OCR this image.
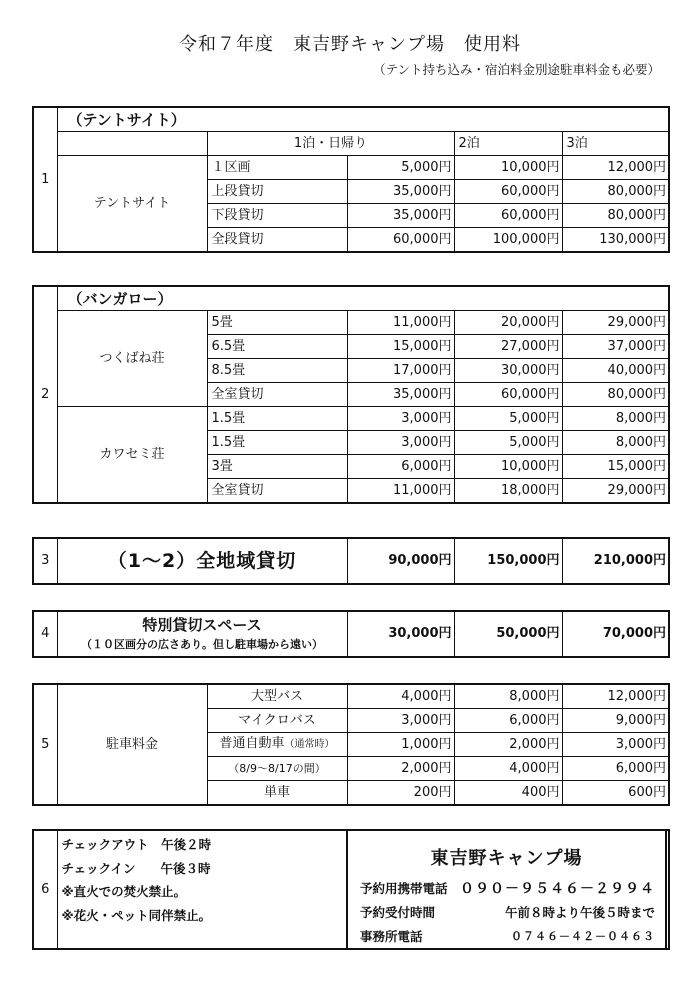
令和７年度　東吉野キャンプ場　使用料
（テント持ち込み・宿泊料金別途駐車料金も必要）
1	（テントサイト）				
		1泊・日帰り		2泊	3泊
	テントサイト	１区画	5,000円	10,000円	12,000円
		上段貸切	35,000円	60,000円	80,000円
		下段貸切	35,000円	60,000円	80,000円
		全段貸切	60,000円	100,000円	130,000円
2	（バンガロー）				
	つくばね荘	5畳	11,000円	20,000円	29,000円
		6.5畳	15,000円	27,000円	37,000円
		8.5畳	17,000円	30,000円	40,000円
		全室貸切	35,000円	60,000円	80,000円
	カワセミ荘	1.5畳	3,000円	5,000円	8,000円
		1.5畳	3,000円	5,000円	8,000円
		3畳	6,000円	10,000円	15,000円
		全室貸切	11,000円	18,000円	29,000円
3	（1～2）全地域貸切	90,000円	150,000円	210,000円
4	特別貸切スペース
（１０区画分の広さあり。但し駐車場から遠い）
	30,000円	50,000円	70,000円
5	駐車料金	大型バス	4,000円	8,000円	12,000円
		マイクロバス	3,000円	6,000円	9,000円
		普通自動車（通常時）	1,000円	2,000円	3,000円
		（8/9～8/17の間）	2,000円	4,000円	6,000円
		単車	200円	400円	600円
6	
チェックアウト　午後２時
チェックイン　　午後３時
※直火での焚火禁止。
※花火・ペット同伴禁止。
東吉野キャンプ場
予約用携帯電話 ０９０－９５４６－２９９４
予約受付時間	午前８時より午後５時まで
事務所電話	０７４６－４２－０４６３
